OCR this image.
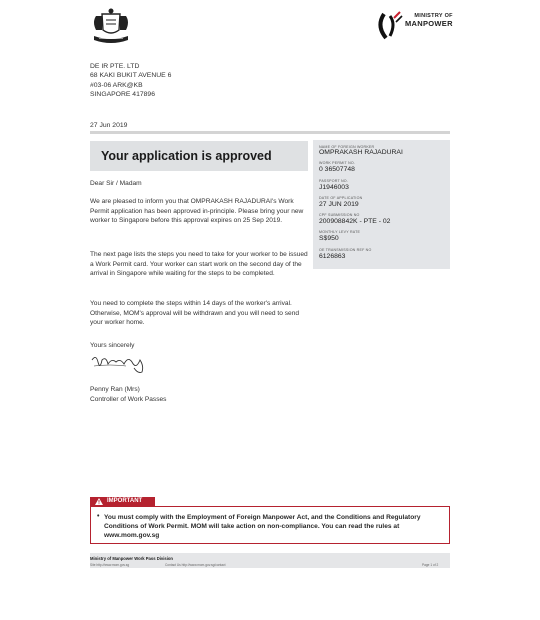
MINISTRY OF
MANPOWER
DE IR PTE. LTD
68 KAKI BUKIT AVENUE 6
#03-06 ARK@KB
SINGAPORE 417896
27 Jun 2019
Your application is approved
NAME OF FOREIGN WORKER
OMPRAKASH RAJADURAI
WORK PERMIT NO.
0 36507748
PASSPORT NO.
J1946003
DATE OF APPLICATION
27 JUN 2019
CPF SUBMISSION NO
200908842K - PTE - 02
MONTHLY LEVY RATE
S$950
OE TRANSMISSION REF NO
6126863
Dear Sir / Madam
We are pleased to inform you that OMPRAKASH RAJADURAI's Work Permit application has been approved in-principle. Please bring your new worker to Singapore before this approval expires on 25 Sep 2019.
The next page lists the steps you need to take for your worker to be issued a Work Permit card. Your worker can start work on the second day of the arrival in Singapore while waiting for the steps to be completed.
You need to complete the steps within 14 days of the worker's arrival. Otherwise, MOM's approval will be withdrawn and you will need to send your worker home.
Yours sincerely
Penny Ran (Mrs)
Controller of Work Passes
IMPORTANT
• You must comply with the Employment of Foreign Manpower Act, and the Conditions and Regulatory Conditions of Work Permit. MOM will take action on non-compliance. You can read the rules at www.mom.gov.sg
Ministry of Manpower Work Pass Division
Site http://www.mom.gov.sg	Contact Us http://www.mom.gov.sg/contact	Page 1 of 2
